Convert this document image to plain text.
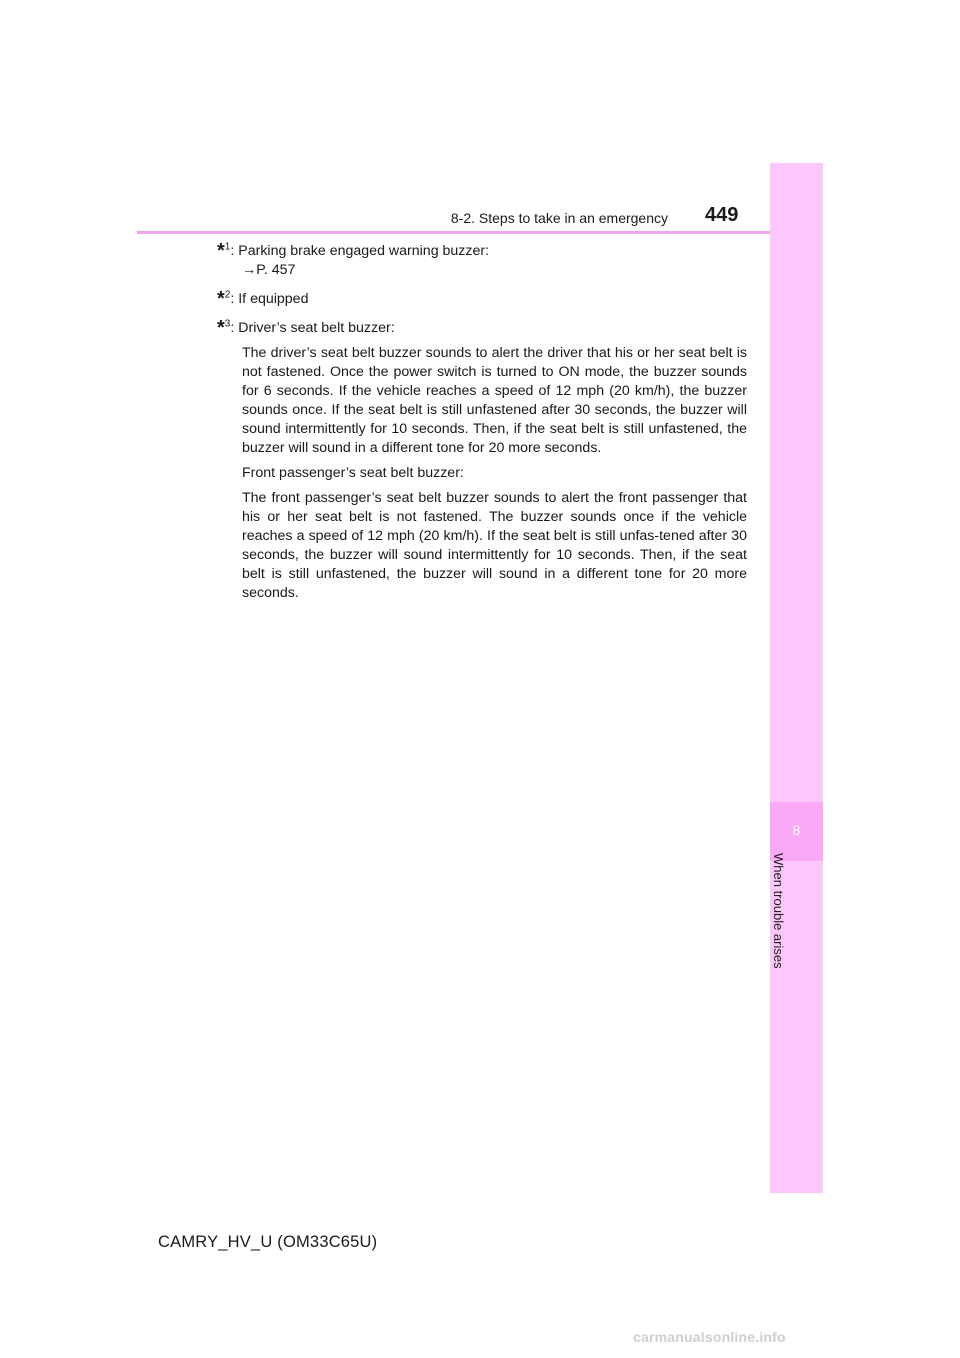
8-2. Steps to take in an emergency 449
8
When trouble arises

*$^1$: Parking brake engaged warning buzzer:

→P. 457

*$^2$: If equipped

*$^3$: Driver’s seat belt buzzer:

The driver’s seat belt buzzer sounds to alert the driver that his or her seat belt is not fastened. Once the power switch is turned to ON mode, the buzzer sounds for 6 seconds. If the vehicle reaches a speed of 12 mph (20 km/h), the buzzer sounds once. If the seat belt is still unfastened after 30 seconds, the buzzer will sound intermittently for 10 seconds. Then, if the seat belt is still unfastened, the buzzer will sound in a different tone for 20 more seconds.

Front passenger’s seat belt buzzer:

The front passenger’s seat belt buzzer sounds to alert the front passenger that his or her seat belt is not fastened. The buzzer sounds once if the vehicle reaches a speed of 12 mph (20 km/h). If the seat belt is still unfas-tened after 30 seconds, the buzzer will sound intermittently for 10 seconds. Then, if the seat belt is still unfastened, the buzzer will sound in a different tone for 20 more seconds.

CAMRY_HV_U (OM33C65U)
carmanualsonline.info
